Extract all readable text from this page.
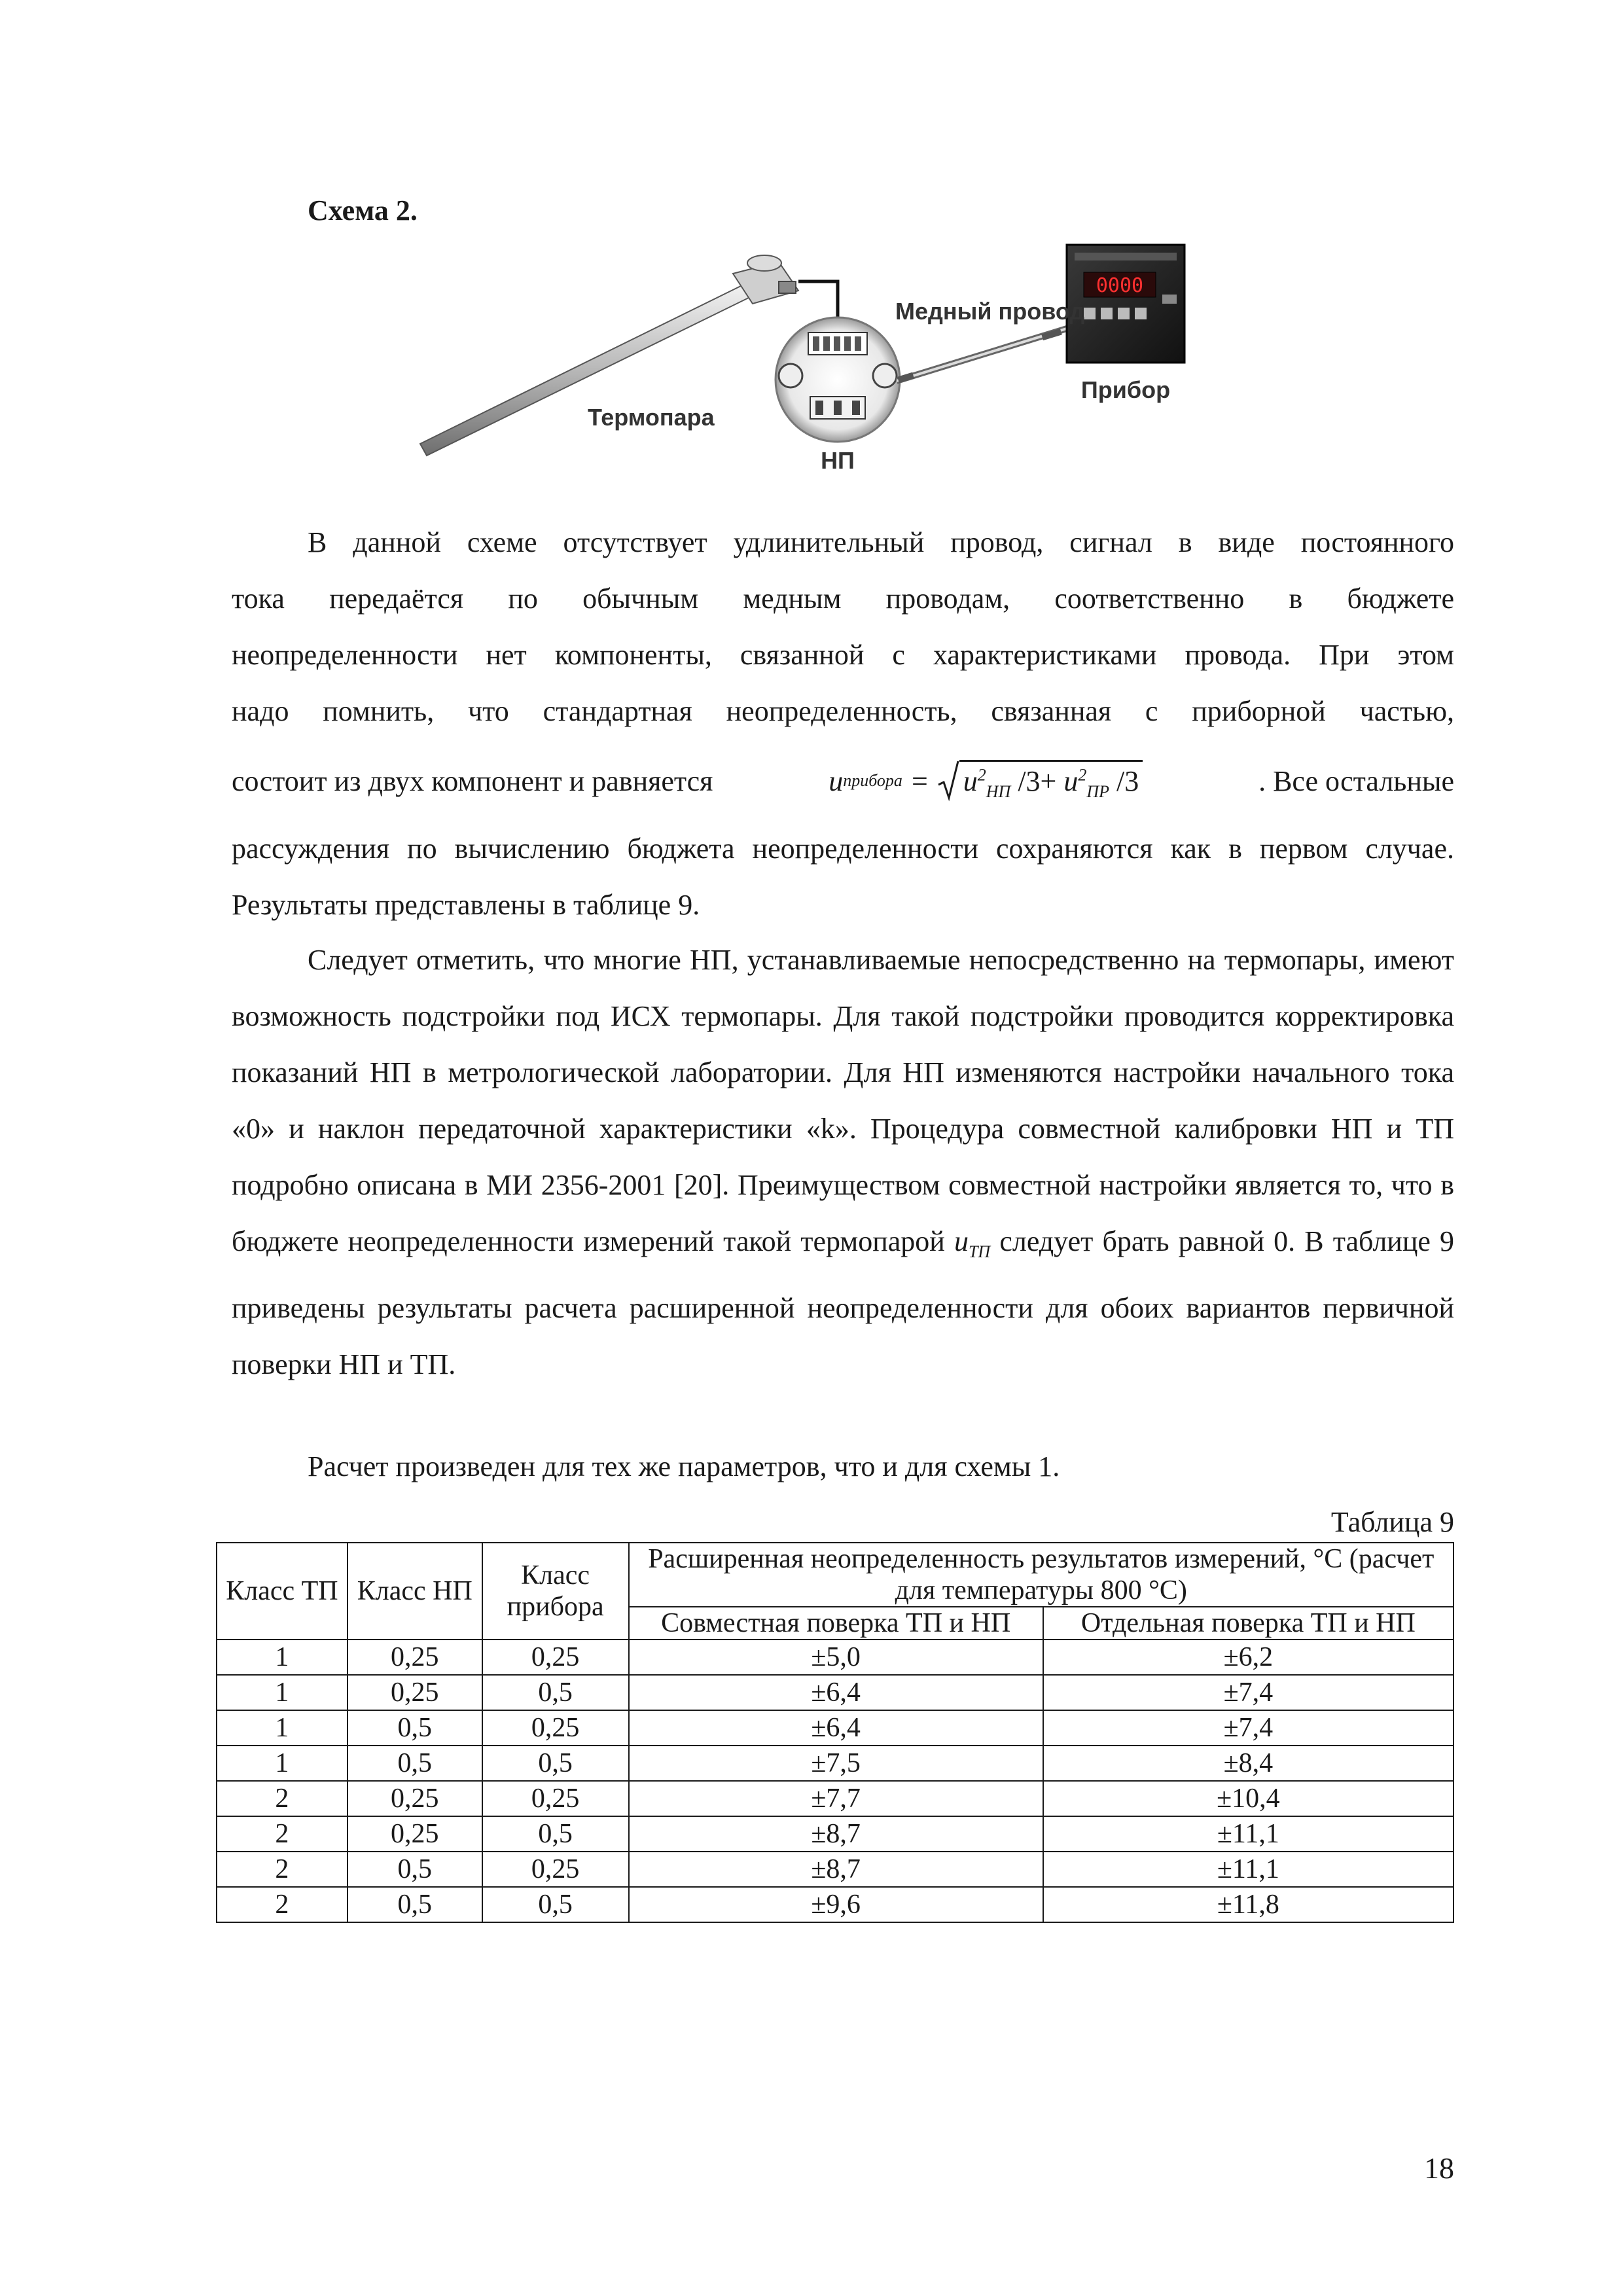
Схема 2.
0000
Термопара
НП
Медный провод
Прибор
В данной схеме отсутствует удлинительный провод, сигнал в виде постоянного
тока передаётся по обычным медным проводам, соответственно в бюджете
неопределенности нет компоненты, связанной с характеристиками провода. При этом
надо помнить, что стандартная неопределенность, связанная с приборной частью,
состоит из двух компонент и равняется	u прибора = $u^2_{НП}$ $/3+ u^2_{ПР}$ /3	. Все остальные
рассуждения по вычислению бюджета неопределенности сохраняются как в первом случае. Результаты представлены в таблице 9.
Следует отметить, что многие НП, устанавливаемые непосредственно на термопары, имеют возможность подстройки под ИСХ термопары. Для такой подстройки проводится корректировка показаний НП в метрологической лаборатории. Для НП изменяются настройки начального тока «0» и наклон передаточной характеристики «k». Процедура совместной калибровки НП и ТП подробно описана в МИ 2356-2001 [20]. Преимуществом совместной настройки является то, что в бюджете неопределенности измерений такой термопарой $u_{ТП}$ следует брать равной 0. В таблице 9 приведены результаты расчета расширенной неопределенности для обоих вариантов первичной поверки НП и ТП.
Расчет произведен для тех же параметров, что и для схемы 1.
Таблица 9
Класс ТП	Класс НП	Класс прибора	Расширенная неопределенность результатов измерений, °С (расчет для температуры 800 °С)	
			Совместная поверка ТП и НП	Отдельная поверка ТП и НП
1	0,25	0,25	±5,0	±6,2
1	0,25	0,5	±6,4	±7,4
1	0,5	0,25	±6,4	±7,4
1	0,5	0,5	±7,5	±8,4
2	0,25	0,25	±7,7	±10,4
2	0,25	0,5	±8,7	±11,1
2	0,5	0,25	±8,7	±11,1
2	0,5	0,5	±9,6	±11,8
18
